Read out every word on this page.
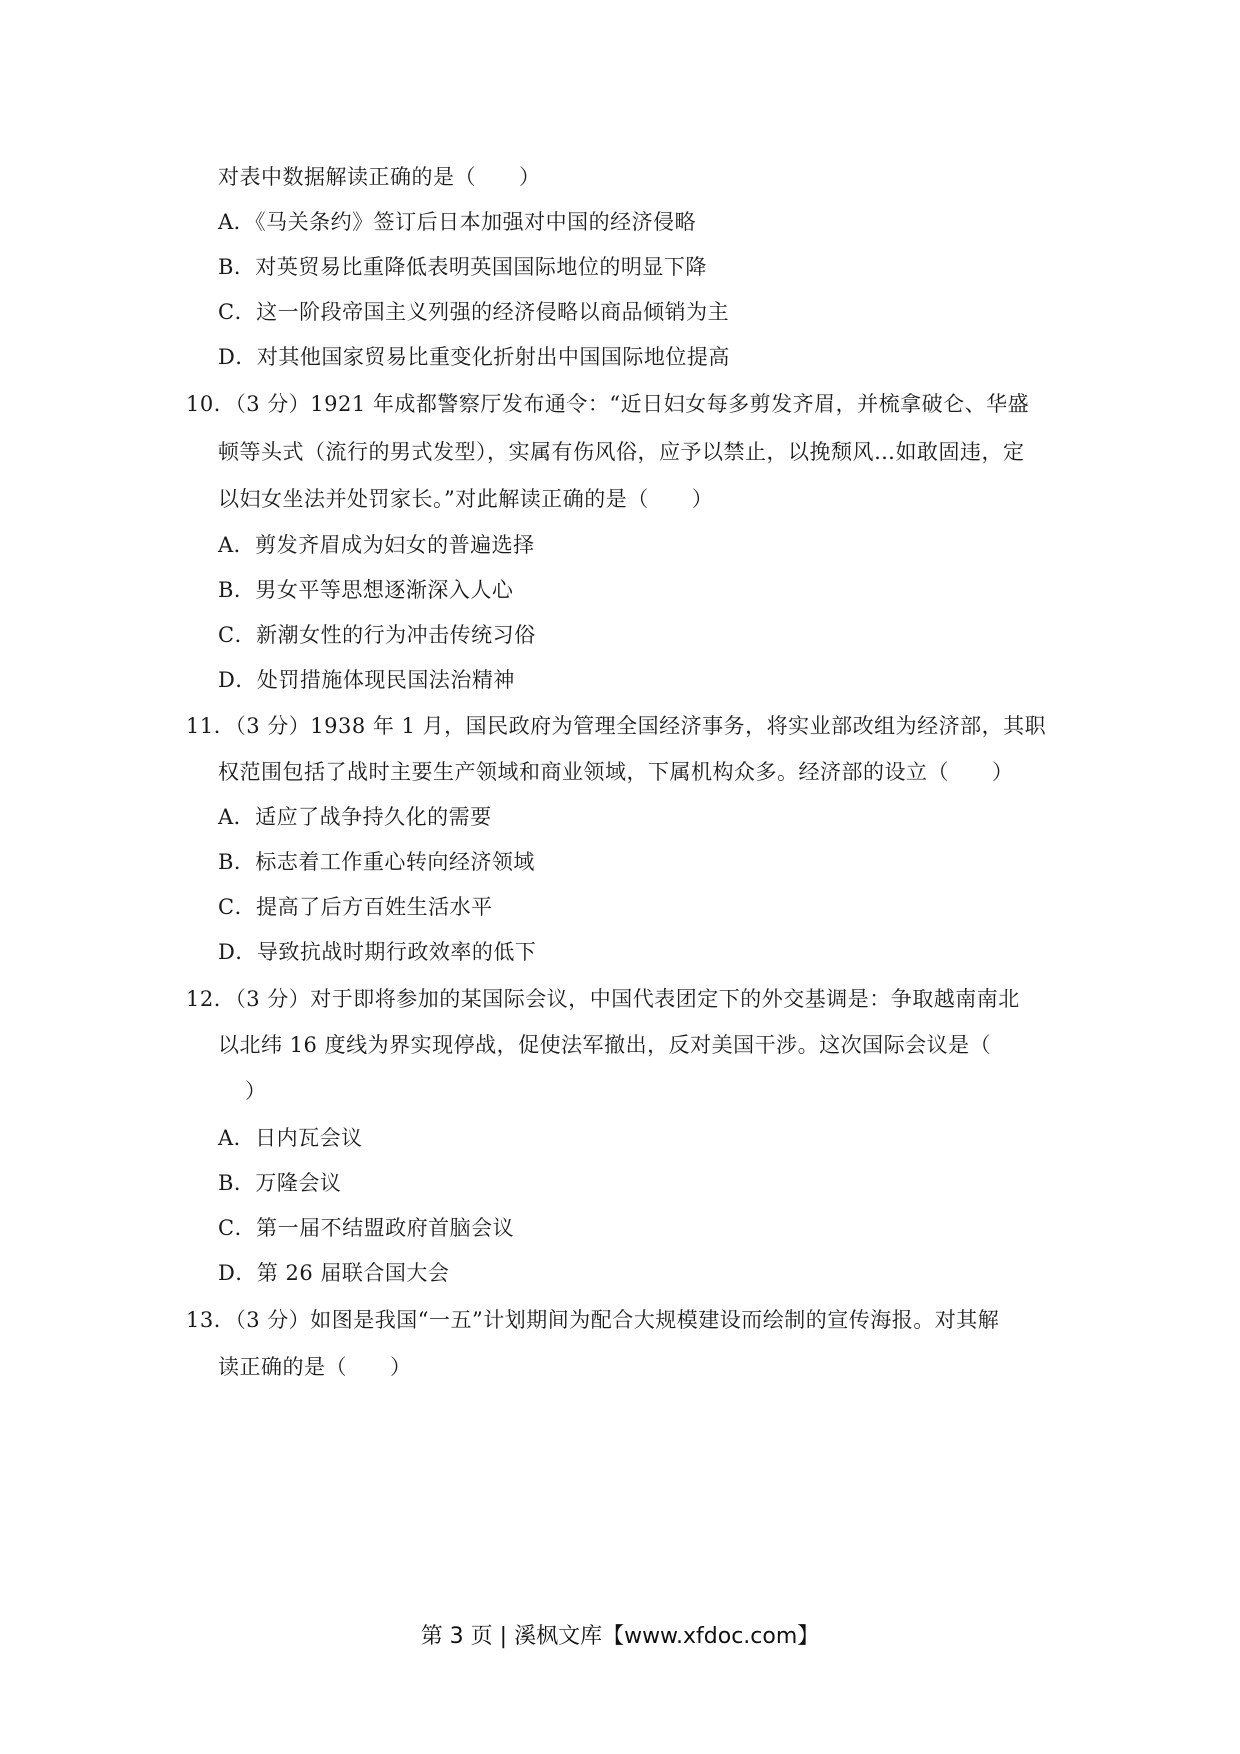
对表中数据解读正确的是（　　）
A．《马关条约》签订后日本加强对中国的经济侵略
B．对英贸易比重降低表明英国国际地位的明显下降
C．这一阶段帝国主义列强的经济侵略以商品倾销为主
D．对其他国家贸易比重变化折射出中国国际地位提高
10．（3 分）1921 年成都警察厅发布通令：“近日妇女每多剪发齐眉，并梳拿破仑、华盛
顿等头式（流行的男式发型），实属有伤风俗，应予以禁止，以挽颓风…如敢固违，定
以妇女坐法并处罚家长。”对此解读正确的是（　　）
A．剪发齐眉成为妇女的普遍选择
B．男女平等思想逐渐深入人心
C．新潮女性的行为冲击传统习俗
D．处罚措施体现民国法治精神
11．（3 分）1938 年 1 月，国民政府为管理全国经济事务，将实业部改组为经济部，其职
权范围包括了战时主要生产领域和商业领域，下属机构众多。经济部的设立（　　）
A．适应了战争持久化的需要
B．标志着工作重心转向经济领域
C．提高了后方百姓生活水平
D．导致抗战时期行政效率的低下
12．（3 分）对于即将参加的某国际会议，中国代表团定下的外交基调是：争取越南南北
以北纬 16 度线为界实现停战，促使法军撤出，反对美国干涉。这次国际会议是（
）
A．日内瓦会议
B．万隆会议
C．第一届不结盟政府首脑会议
D．第 26 届联合国大会
13．（3 分）如图是我国“一五”计划期间为配合大规模建设而绘制的宣传海报。对其解
读正确的是（　　）
第 3 页 | 溪枫文库【www.xfdoc.com】
